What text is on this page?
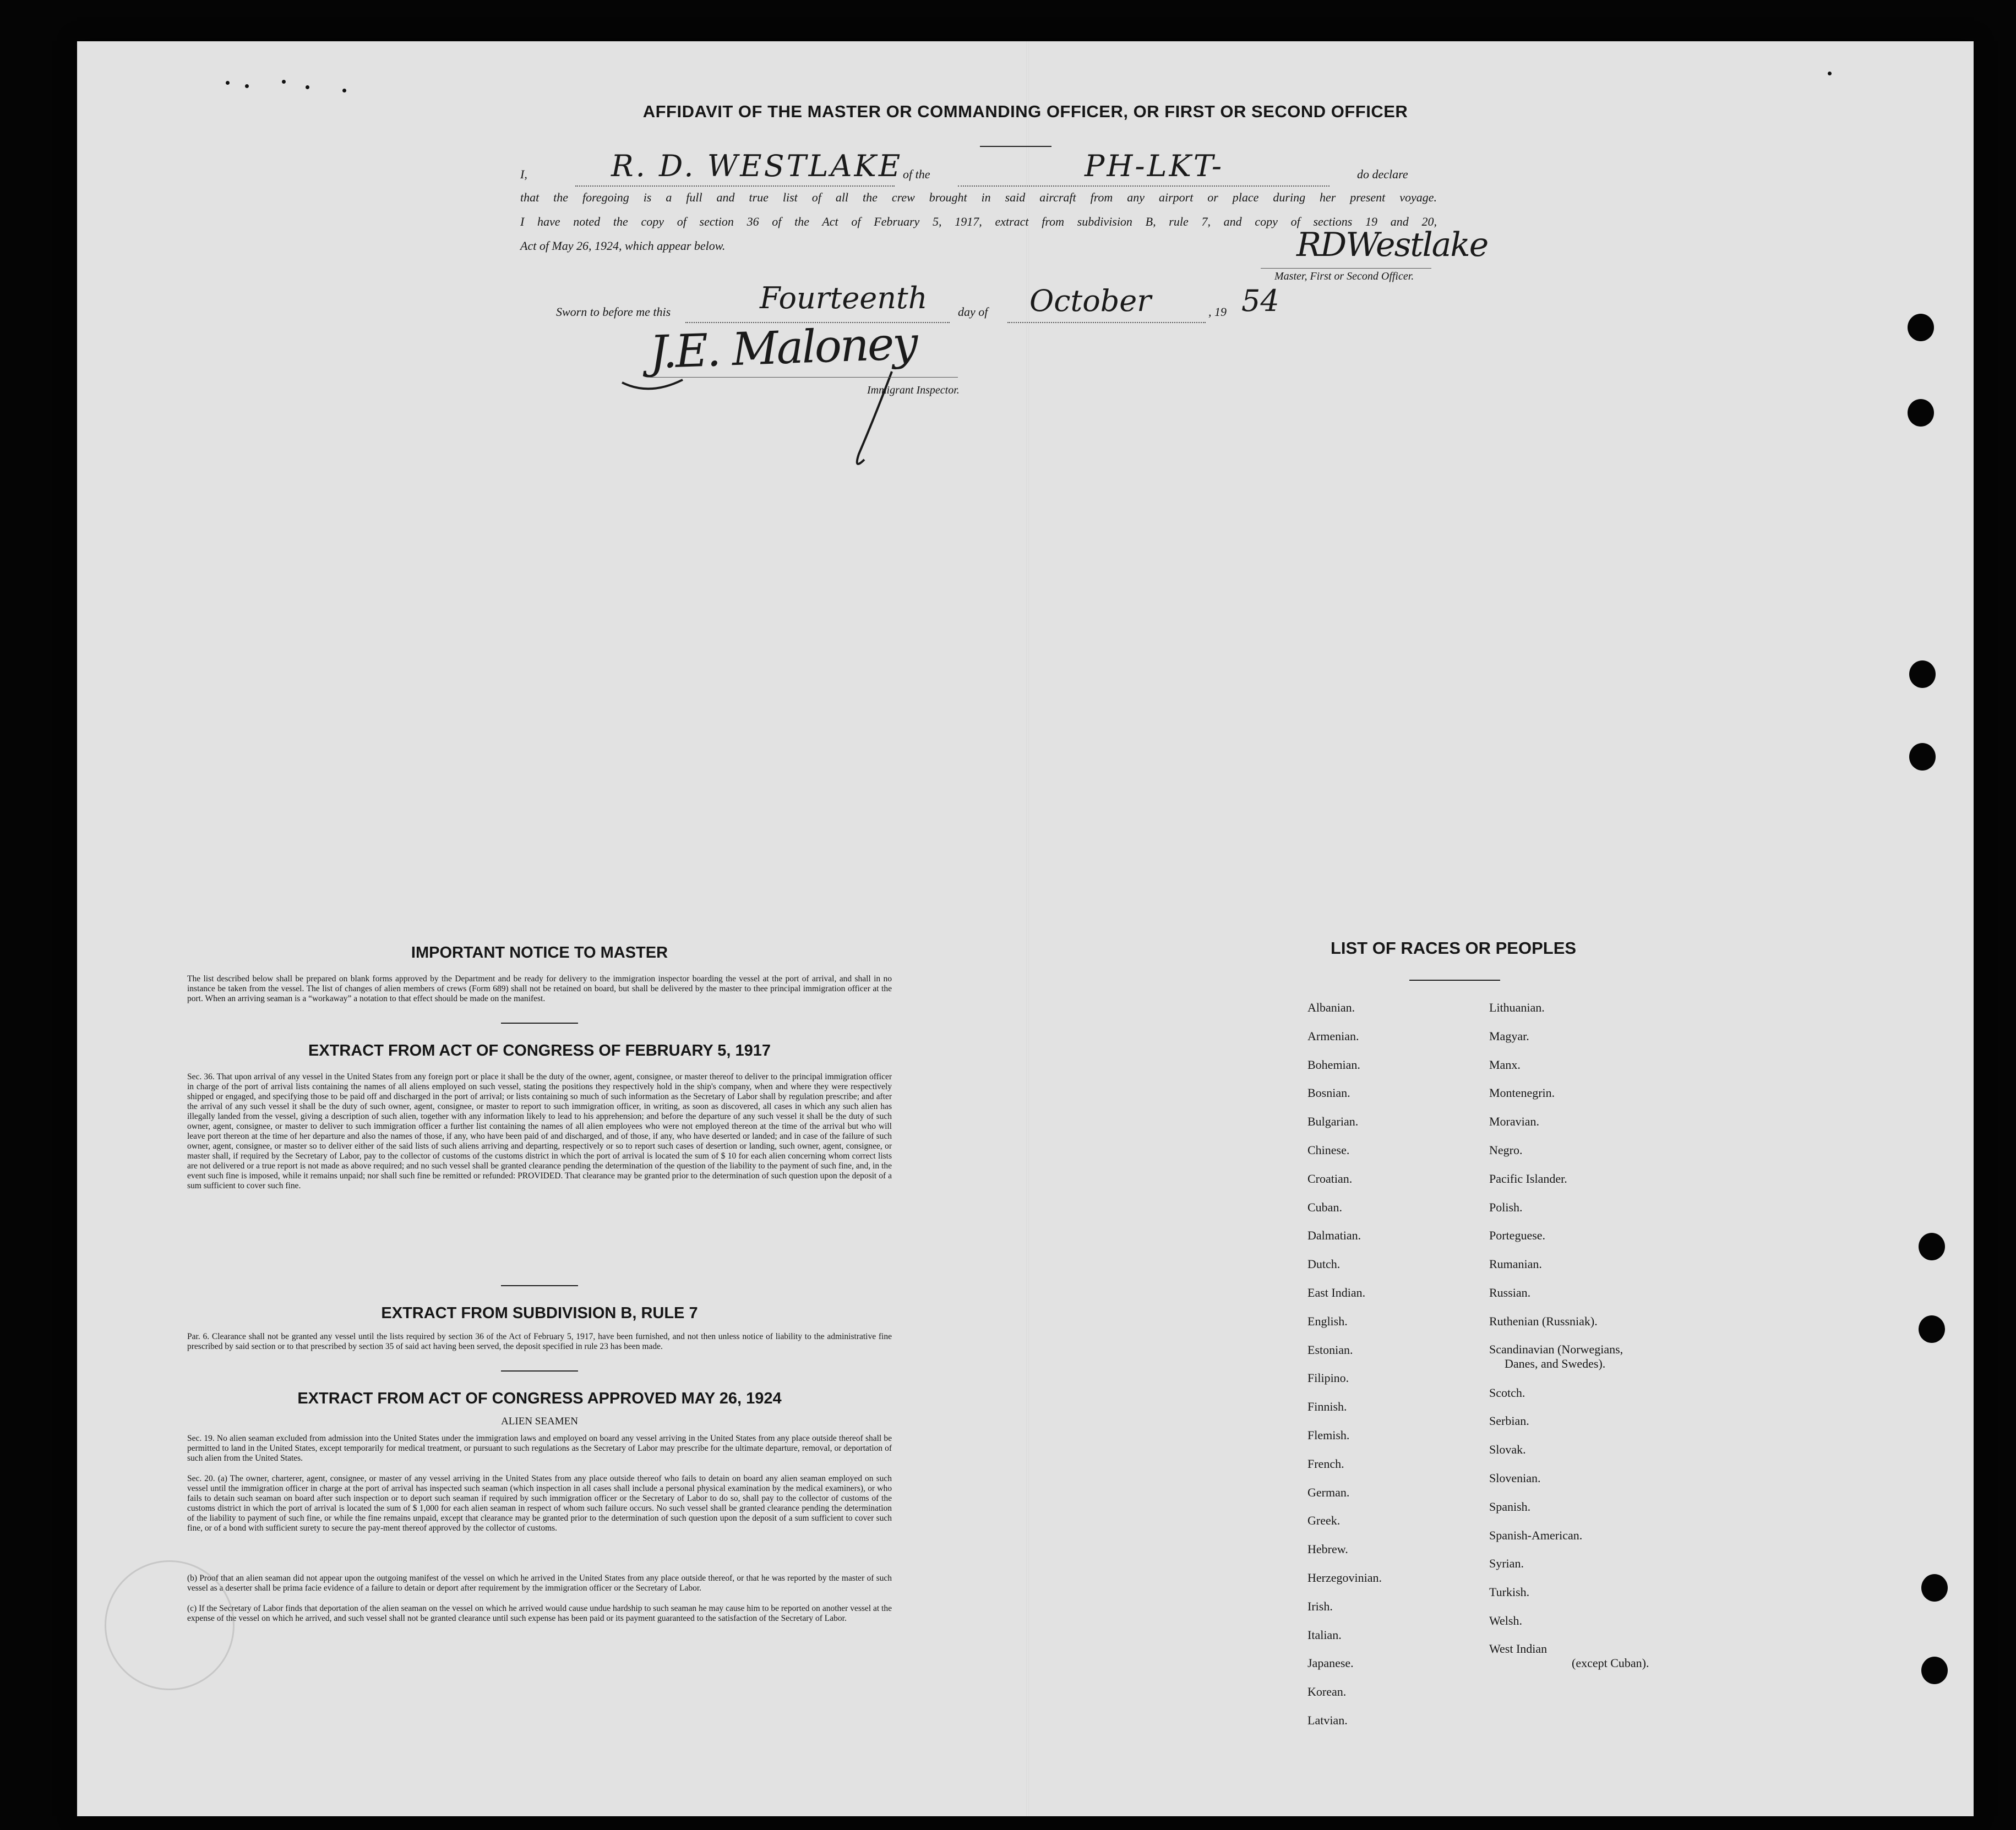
AFFIDAVIT OF THE MASTER OR COMMANDING OFFICER, OR FIRST OR SECOND OFFICER
I,	R. D. WESTLAKE of the	PH-LKT-	do declare
that the foregoing is a full and true list of all the crew brought in said aircraft from any airport or place during her present voyage.
I have noted the copy of section 36 of the Act of February 5, 1917, extract from subdivision B, rule 7, and copy of sections 19 and 20,
Act of May 26, 1924, which appear below.	RDWestlake
Master, First or Second Officer.
Sworn to before me this	Fourteenth	day of October	, 19 54
J.E. Maloney
Immigrant Inspector.
IMPORTANT NOTICE TO MASTER
The list described below shall be prepared on blank forms approved by the Department and be ready for delivery to the immigration inspector boarding the vessel at the port of arrival, and shall in no instance be taken from the vessel. The list of changes of alien members of crews (Form 689) shall not be retained on board, but shall be delivered by the master to thee principal immigration officer at the port. When an arriving seaman is a “workaway” a notation to that effect should be made on the manifest.
EXTRACT FROM ACT OF CONGRESS OF FEBRUARY 5, 1917
Sec. 36. That upon arrival of any vessel in the United States from any foreign port or place it shall be the duty of the owner, agent, consignee, or master thereof to deliver to the principal immigration officer in charge of the port of arrival lists containing the names of all aliens employed on such vessel, stating the positions they respectively hold in the ship's company, when and where they were respectively shipped or engaged, and specifying those to be paid off and discharged in the port of arrival; or lists containing so much of such information as the Secretary of Labor shall by regulation prescribe; and after the arrival of any such vessel it shall be the duty of such owner, agent, consignee, or master to report to such immigration officer, in writing, as soon as discovered, all cases in which any such alien has illegally landed from the vessel, giving a description of such alien, together with any information likely to lead to his apprehension; and before the departure of any such vessel it shall be the duty of such owner, agent, consignee, or master to deliver to such immigration officer a further list containing the names of all alien employees who were not employed thereon at the time of the arrival but who will leave port thereon at the time of her departure and also the names of those, if any, who have been paid of and discharged, and of those, if any, who have deserted or landed; and in case of the failure of such owner, agent, consignee, or master so to deliver either of the said lists of such aliens arriving and departing, respectively or so to report such cases of desertion or landing, such owner, agent, consignee, or master shall, if required by the Secretary of Labor, pay to the collector of customs of the customs district in which the port of arrival is located the sum of $ 10 for each alien concerning whom correct lists are not delivered or a true report is not made as above required; and no such vessel shall be granted clearance pending the determination of the question of the liability to the payment of such fine, and, in the event such fine is imposed, while it remains unpaid; nor shall such fine be remitted or refunded: PROVIDED. That clearance may be granted prior to the determination of such question upon the deposit of a sum sufficient to cover such fine.
EXTRACT FROM SUBDIVISION B, RULE 7
Par. 6. Clearance shall not be granted any vessel until the lists required by section 36 of the Act of February 5, 1917, have been furnished, and not then unless notice of liability to the administrative fine prescribed by said section or to that prescribed by section 35 of said act having been served, the deposit specified in rule 23 has been made.
EXTRACT FROM ACT OF CONGRESS APPROVED MAY 26, 1924
ALIEN SEAMEN
Sec. 19. No alien seaman excluded from admission into the United States under the immigration laws and employed on board any vessel arriving in the United States from any place outside thereof shall be permitted to land in the United States, except temporarily for medical treatment, or pursuant to such regulations as the Secretary of Labor may prescribe for the ultimate departure, removal, or deportation of such alien from the United States.
Sec. 20. (a) The owner, charterer, agent, consignee, or master of any vessel arriving in the United States from any place outside thereof who fails to detain on board any alien seaman employed on such vessel until the immigration officer in charge at the port of arrival has inspected such seaman (which inspection in all cases shall include a personal physical examination by the medical examiners), or who fails to detain such seaman on board after such inspection or to deport such seaman if required by such immigration officer or the Secretary of Labor to do so, shall pay to the collector of customs of the customs district in which the port of arrival is located the sum of $ 1,000 for each alien seaman in respect of whom such failure occurs. No such vessel shall be granted clearance pending the determination of the liability to payment of such fine, or while the fine remains unpaid, except that clearance may be granted prior to the determination of such question upon the deposit of a sum sufficient to cover such fine, or of a bond with sufficient surety to secure the pay-ment thereof approved by the collector of customs.
(b) Proof that an alien seaman did not appear upon the outgoing manifest of the vessel on which he arrived in the United States from any place outside thereof, or that he was reported by the master of such vessel as a deserter shall be prima facie evidence of a failure to detain or deport after requirement by the immigration officer or the Secretary of Labor.
(c) If the Secretary of Labor finds that deportation of the alien seaman on the vessel on which he arrived would cause undue hardship to such seaman he may cause him to be reported on another vessel at the expense of the vessel on which he arrived, and such vessel shall not be granted clearance until such expense has been paid or its payment guaranteed to the satisfaction of the Secretary of Labor.
LIST OF RACES OR PEOPLES
Albanian.
Armenian.
Bohemian.
Bosnian.
Bulgarian.
Chinese.
Croatian.
Cuban.
Dalmatian.
Dutch.
East Indian.
English.
Estonian.
Filipino.
Finnish.
Flemish.
French.
German.
Greek.
Hebrew.
Herzegovinian.
Irish.
Italian.
Japanese.
Korean.
Latvian.
Lithuanian.
Magyar.
Manx.
Montenegrin.
Moravian.
Negro.
Pacific Islander.
Polish.
Porteguese.
Rumanian.
Russian.
Ruthenian (Russniak).
Scandinavian (Norwegians,
Danes, and Swedes).
Scotch.
Serbian.
Slovak.
Slovenian.
Spanish.
Spanish-American.
Syrian.
Turkish.
Welsh.
West Indian
(except Cuban).
